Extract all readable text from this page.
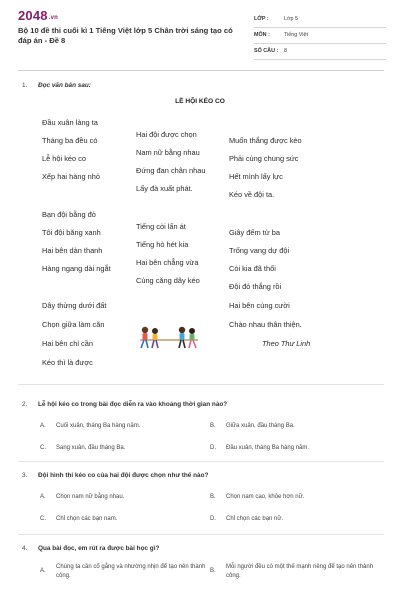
2048.vn
Bộ 10 đề thi cuối kì 1 Tiếng Việt lớp 5 Chân trời sáng tạo có đáp án - Đề 8
LỚP :	Lớp 5
MÔN :	Tiếng Việt
SỐ CÂU : 8
1. Đọc văn bản sau:
LỄ HỘI KÉO CO
Đầu xuân làng ta
Tháng ba đều có
Lễ hội kéo co
Xếp hai hàng nhỏ
Hai đội được chọn
Nam nữ bằng nhau
Đứng đan chân nhau
Lấy đà xuất phát.
Muốn thắng được kèo
Phải cùng chung sức
Hết mình lấy lực
Kéo về đội ta.
Bạn đội bằng đỏ
Tôi đội băng xanh
Hai bên dàn thanh
Hàng ngang dài ngắt
Tiếng còi lấn át
Tiếng hò hét kia
Hai bên chẳng vừa
Cùng căng dây kéo
Giây đếm từ ba
Trống vang dự đội
Còi kia đã thổi
Đội đỏ thắng rồi
Dây thừng dưới đất
Chọn giữa làm căn
Hai bên chỉ cần
Kéo thì là được
Hai bên cùng cười
Chào nhau thân thiện.
Theo Thư Linh
2. Lễ hội kéo co trong bài đọc diễn ra vào khoảng thời gian nào?
A. Cuối xuân, tháng Ba hàng năm.	B. Giữa xuân, đầu tháng Ba.
C. Sang xuân, đầu tháng Ba.	D. Đầu xuân, tháng Ba hàng năm.
3. Đội hình thi kéo co của hai đội được chọn như thế nào?
A. Chọn nam nữ bằng nhau.	B. Chọn nam cao, khỏe hơn nữ.
C. Chỉ chọn các bạn nam.	D. Chỉ chọn các bạn nữ.
4. Qua bài đọc, em rút ra được bài học gì?
A.
Chúng ta cần cố gắng và nhường nhịn để tạo nên thành công.
B.
Mỗi người đều có một thế mạnh riêng để tạo nên thành công.
